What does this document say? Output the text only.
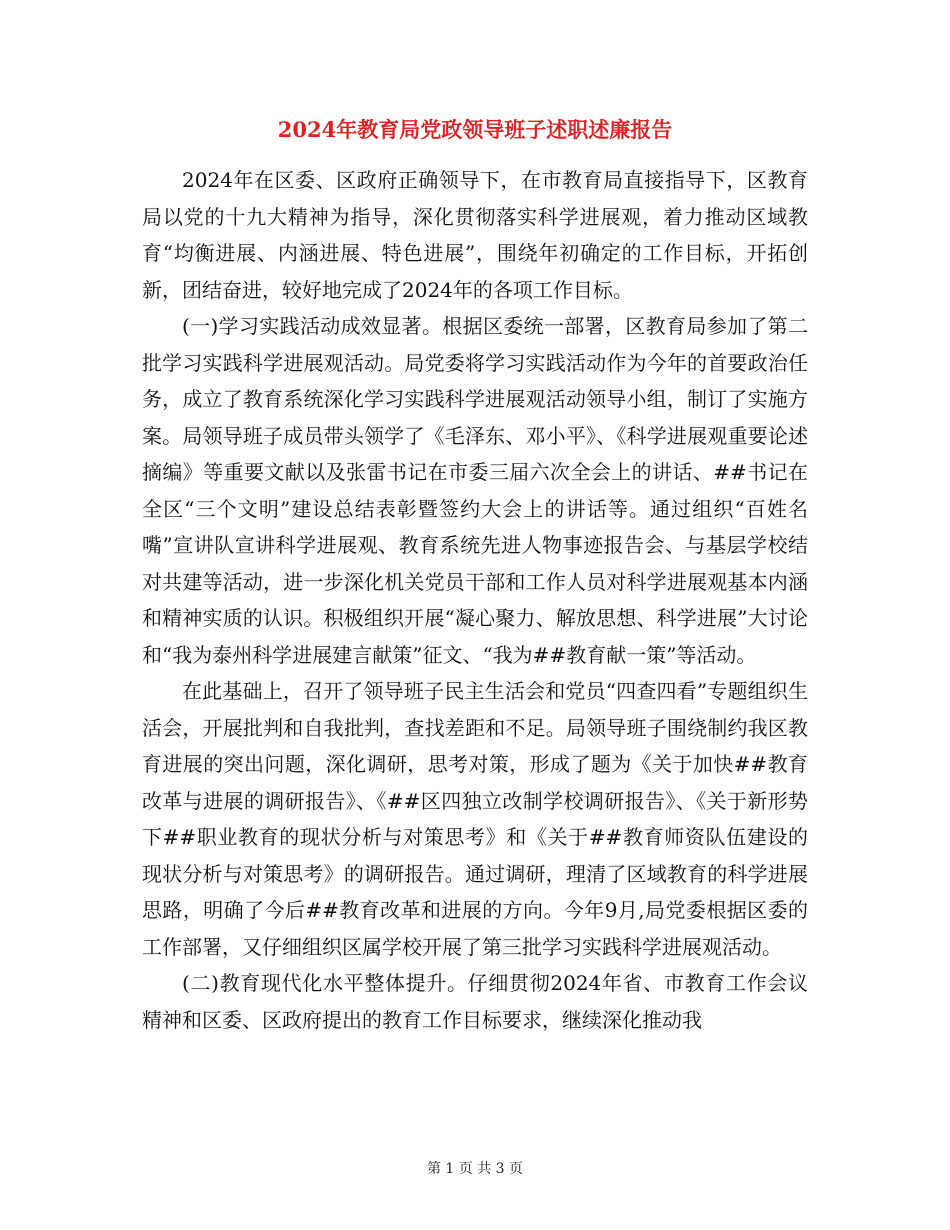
2024年教育局党政领导班子述职述廉报告

2024年在区委、区政府正确领导下，在市教育局直接指导下，区教育局以党的十九大精神为指导，深化贯彻落实科学进展观，着力推动区域教育“均衡进展、内涵进展、特色进展”，围绕年初确定的工作目标，开拓创新，团结奋进，较好地完成了2024年的各项工作目标。

(一)学习实践活动成效显著。根据区委统一部署，区教育局参加了第二批学习实践科学进展观活动。局党委将学习实践活动作为今年的首要政治任务，成立了教育系统深化学习实践科学进展观活动领导小组，制订了实施方案。局领导班子成员带头领学了《毛泽东、邓小平》、《科学进展观重要论述摘编》等重要文献以及张雷书记在市委三届六次全会上的讲话、##书记在全区“三个文明”建设总结表彰暨签约大会上的讲话等。通过组织“百姓名嘴”宣讲队宣讲科学进展观、教育系统先进人物事迹报告会、与基层学校结对共建等活动，进一步深化机关党员干部和工作人员对科学进展观基本内涵和精神实质的认识。积极组织开展“凝心聚力、解放思想、科学进展”大讨论和“我为泰州科学进展建言献策”征文、“我为##教育献一策”等活动。

在此基础上，召开了领导班子民主生活会和党员“四查四看”专题组织生活会，开展批判和自我批判，查找差距和不足。局领导班子围绕制约我区教育进展的突出问题，深化调研，思考对策，形成了题为《关于加快##教育改革与进展的调研报告》、《##区四独立改制学校调研报告》、《关于新形势下##职业教育的现状分析与对策思考》和《关于##教育师资队伍建设的现状分析与对策思考》的调研报告。通过调研，理清了区域教育的科学进展思路，明确了今后##教育改革和进展的方向。今年9月,局党委根据区委的工作部署，又仔细组织区属学校开展了第三批学习实践科学进展观活动。

(二)教育现代化水平整体提升。仔细贯彻2024年省、市教育工作会议精神和区委、区政府提出的教育工作目标要求，继续深化推动我

第 1 页 共 3 页
